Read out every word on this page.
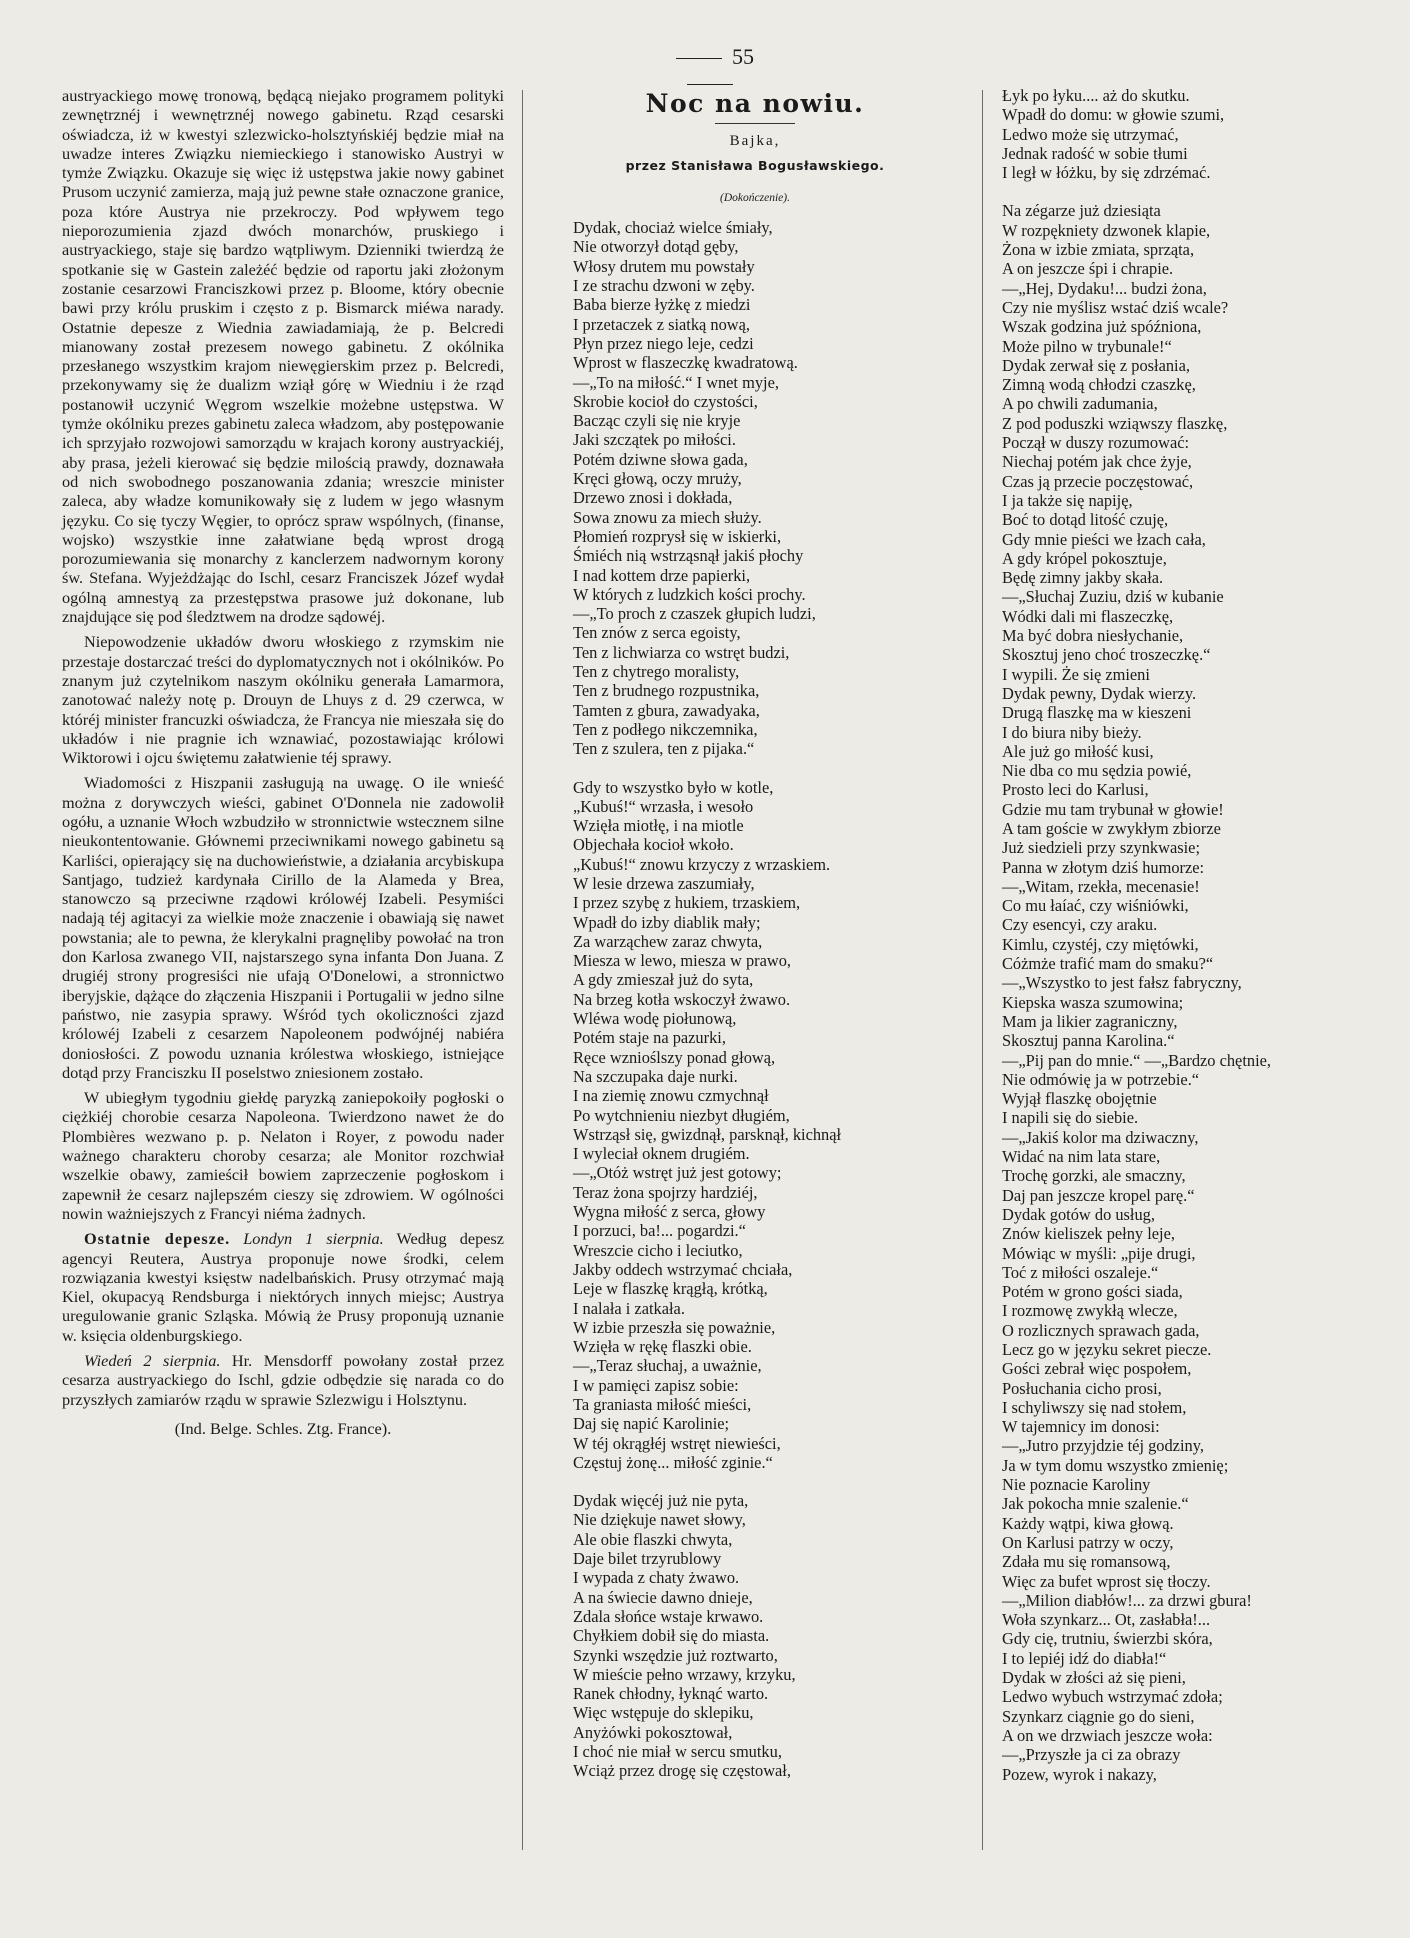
55

austryackiego mowę tronową, będącą niejako programem polityki zewnętrznéj i wewnętrznéj nowego gabinetu. Rząd cesarski oświadcza, iż w kwestyi szlezwicko-holsztyńskiéj będzie miał na uwadze interes Związku niemieckiego i stanowisko Austryi w tymże Związku. Okazuje się więc iż ustępstwa jakie nowy gabinet Prusom uczynić zamierza, mają już pewne stałe oznaczone granice, poza które Austrya nie przekroczy. Pod wpływem tego nieporozumienia zjazd dwóch monarchów, pruskiego i austryackiego, staje się bardzo wątpliwym. Dzienniki twierdzą że spotkanie się w Gastein zależéć będzie od raportu jaki złożonym zostanie cesarzowi Franciszkowi przez p. Bloome, który obecnie bawi przy królu pruskim i często z p. Bismarck miéwa narady. Ostatnie depesze z Wiednia zawiadamiają, że p. Belcredi mianowany został prezesem nowego gabinetu. Z okólnika przesłanego wszystkim krajom niewęgierskim przez p. Belcredi, przekonywamy się że dualizm wziął górę w Wiedniu i że rząd postanowił uczynić Węgrom wszelkie możebne ustępstwa. W tymże okólniku prezes gabinetu zaleca władzom, aby postępowanie ich sprzyjało rozwojowi samorządu w krajach korony austryackiéj, aby prasa, jeżeli kierować się będzie milością prawdy, doznawała od nich swobodnego poszanowania zdania; wreszcie minister zaleca, aby władze komunikowały się z ludem w jego własnym języku. Co się tyczy Węgier, to oprócz spraw wspólnych, (finanse, wojsko) wszystkie inne załatwiane będą wprost drogą porozumiewania się monarchy z kanclerzem nadwornym korony św. Stefana. Wyjeżdżając do Ischl, cesarz Franciszek Józef wydał ogólną amnestyą za przestępstwa prasowe już dokonane, lub znajdujące się pod śledztwem na drodze sądowéj.

Niepowodzenie układów dworu włoskiego z rzymskim nie przestaje dostarczać treści do dyplomatycznych not i okólników. Po znanym już czytelnikom naszym okólniku generała Lamarmora, zanotować należy notę p. Drouyn de Lhuys z d. 29 czerwca, w któréj minister francuzki oświadcza, że Francya nie mieszała się do układów i nie pragnie ich wznawiać, pozostawiając królowi Wiktorowi i ojcu świętemu załatwienie téj sprawy.

Wiadomości z Hiszpanii zasługują na uwagę. O ile wnieść można z dorywczych wieści, gabinet O'Donnela nie zadowolił ogółu, a uznanie Włoch wzbudziło w stronnictwie wstecznem silne nieukontentowanie. Głównemi przeciwnikami nowego gabinetu są Karliści, opierający się na duchowieństwie, a działania arcybiskupa Santjago, tudzież kardynała Cirillo de la Alameda y Brea, stanowczo są przeciwne rządowi królowéj Izabeli. Pesymiści nadają téj agitacyi za wielkie może znaczenie i obawiają się nawet powstania; ale to pewna, że klerykalni pragnęliby powołać na tron don Karlosa zwanego VII, najstarszego syna infanta Don Juana. Z drugiéj strony progresiści nie ufają O'Donelowi, a stronnictwo iberyjskie, dążące do złączenia Hiszpanii i Portugalii w jedno silne państwo, nie zasypia sprawy. Wśród tych okoliczności zjazd królowéj Izabeli z cesarzem Napoleonem podwójnéj nabiéra doniosłości. Z powodu uznania królestwa włoskiego, istniejące dotąd przy Franciszku II poselstwo zniesionem zostało.

W ubiegłym tygodniu giełdę paryzką zaniepokoiły pogłoski o ciężkiéj chorobie cesarza Napoleona. Twierdzono nawet że do Plombières wezwano p. p. Nelaton i Royer, z powodu nader ważnego charakteru choroby cesarza; ale Monitor rozchwiał wszelkie obawy, zamieścił bowiem zaprzeczenie pogłoskom i zapewnił że cesarz najlepszém cieszy się zdrowiem. W ogólności nowin ważniejszych z Francyi niéma żadnych.

Ostatnie depesze. Londyn 1 sierpnia. Według depesz agencyi Reutera, Austrya proponuje nowe środki, celem rozwiązania kwestyi księstw nadelbańskich. Prusy otrzymać mają Kiel, okupacyą Rendsburga i niektórych innych miejsc; Austrya uregulowanie granic Szląska. Mówią że Prusy proponują uznanie w. księcia oldenburgskiego.

Wiedeń 2 sierpnia. Hr. Mensdorff powołany został przez cesarza austryackiego do Ischl, gdzie odbędzie się narada co do przyszłych zamiarów rządu w sprawie Szlezwigu i Holsztynu.

(Ind. Belge. Schles. Ztg. France).

Noc na nowiu.
Bajka,
przez Stanisława Bogusławskiego.
(Dokończenie).
Dydak, chociaż wielce śmiały,
Nie otworzył dotąd gęby,
Włosy drutem mu powstały
I ze strachu dzwoni w zęby.
Baba bierze łyżkę z miedzi
I przetaczek z siatką nową,
Płyn przez niego leje, cedzi
Wprost w flaszeczkę kwadratową.
—„To na miłość.“ I wnet myje,
Skrobie kocioł do czystości,
Bacząc czyli się nie kryje
Jaki szczątek po miłości.
Potém dziwne słowa gada,
Kręci głową, oczy mruży,
Drzewo znosi i dokłada,
Sowa znowu za miech służy.
Płomień rozprysł się w iskierki,
Śmiéch nią wstrząsnął jakiś płochy
I nad kottem drze papierki,
W których z ludzkich kości prochy.
—„To proch z czaszek głupich ludzi,
Ten znów z serca egoisty,
Ten z lichwiarza co wstręt budzi,
Ten z chytrego moralisty,
Ten z brudnego rozpustnika,
Tamten z gbura, zawadyaka,
Ten z podłego nikczemnika,
Ten z szulera, ten z pijaka.“
Gdy to wszystko było w kotle,
„Kubuś!“ wrzasła, i wesoło
Wzięła miotłę, i na miotle
Objechała kocioł wkoło.
„Kubuś!“ znowu krzyczy z wrzaskiem.
W lesie drzewa zaszumiały,
I przez szybę z hukiem, trzaskiem,
Wpadł do izby diablik mały;
Za warząchew zaraz chwyta,
Miesza w lewo, miesza w prawo,
A gdy zmieszał już do syta,
Na brzeg kotła wskoczył żwawo.
Wléwa wodę piołunową,
Potém staje na pazurki,
Ręce wznioślszy ponad głową,
Na szczupaka daje nurki.
I na ziemię znowu czmychnął
Po wytchnieniu niezbyt długiém,
Wstrząsł się, gwizdnął, parsknął, kichnął
I wyleciał oknem drugiém.
—„Otóż wstręt już jest gotowy;
Teraz żona spojrzy hardziéj,
Wygna miłość z serca, głowy
I porzuci, ba!... pogardzi.“
Wreszcie cicho i leciutko,
Jakby oddech wstrzymać chciała,
Leje w flaszkę krągłą, krótką,
I nalała i zatkała.
W izbie przeszła się poważnie,
Wzięła w rękę flaszki obie.
—„Teraz słuchaj, a uważnie,
I w pamięci zapisz sobie:
Ta graniasta miłość mieści,
Daj się napić Karolinie;
W téj okrągłéj wstręt niewieści,
Częstuj żonę... miłość zginie.“
Dydak więcéj już nie pyta,
Nie dziękuje nawet słowy,
Ale obie flaszki chwyta,
Daje bilet trzyrublowy
I wypada z chaty żwawo.
A na świecie dawno dnieje,
Zdala słońce wstaje krwawo.
Chyłkiem dobił się do miasta.
Szynki wszędzie już roztwarto,
W mieście pełno wrzawy, krzyku,
Ranek chłodny, łyknąć warto.
Więc wstępuje do sklepiku,
Anyżówki pokosztował,
I choć nie miał w sercu smutku,
Wciąż przez drogę się częstował,
Łyk po łyku.... aż do skutku.
Wpadł do domu: w głowie szumi,
Ledwo może się utrzymać,
Jednak radość w sobie tłumi
I legł w łóżku, by się zdrzémać.
Na zégarze już dziesiąta
W rozpękniety dzwonek klapie,
Żona w izbie zmiata, sprząta,
A on jeszcze śpi i chrapie.
—„Hej, Dydaku!... budzi żona,
Czy nie myślisz wstać dziś wcale?
Wszak godzina już spóźniona,
Może pilno w trybunale!“
Dydak zerwał się z posłania,
Zimną wodą chłodzi czaszkę,
A po chwili zadumania,
Z pod poduszki wziąwszy flaszkę,
Począł w duszy rozumować:
Niechaj potém jak chce żyje,
Czas ją przecie poczęstować,
I ja także się napiję,
Boć to dotąd litość czuję,
Gdy mnie pieści we łzach cała,
A gdy krópel pokosztuje,
Będę zimny jakby skała.
—„Słuchaj Zuziu, dziś w kubanie
Wódki dali mi flaszeczkę,
Ma być dobra niesłychanie,
Skosztuj jeno choć troszeczkę.“
I wypili. Że się zmieni
Dydak pewny, Dydak wierzy.
Drugą flaszkę ma w kieszeni
I do biura niby bieży.
Ale już go miłość kusi,
Nie dba co mu sędzia powié,
Prosto leci do Karlusi,
Gdzie mu tam trybunał w głowie!
A tam goście w zwykłym zbiorze
Już siedzieli przy szynkwasie;
Panna w złotym dziś humorze:
—„Witam, rzekła, mecenasie!
Co mu łaíać, czy wiśniówki,
Czy esencyi, czy araku.
Kimlu, czystéj, czy miętówki,
Cóżmże trafić mam do smaku?“
—„Wszystko to jest fałsz fabryczny,
Kiepska wasza szumowina;
Mam ja likier zagraniczny,
Skosztuj panna Karolina.“
—„Pij pan do mnie.“ —„Bardzo chętnie,
Nie odmówię ja w potrzebie.“
Wyjął flaszkę obojętnie
I napili się do siebie.
—„Jakiś kolor ma dziwaczny,
Widać na nim lata stare,
Trochę gorzki, ale smaczny,
Daj pan jeszcze kropel parę.“
Dydak gotów do usług,
Znów kieliszek pełny leje,
Mówiąc w myśli: „pije drugi,
Toć z miłości oszaleje.“
Potém w grono gości siada,
I rozmowę zwykłą wlecze,
O rozlicznych sprawach gada,
Lecz go w języku sekret piecze.
Gości zebrał więc pospołem,
Posłuchania cicho prosi,
I schyliwszy się nad stołem,
W tajemnicy im donosi:
—„Jutro przyjdzie téj godziny,
Ja w tym domu wszystko zmienię;
Nie poznacie Karoliny
Jak pokocha mnie szalenie.“
Każdy wątpi, kiwa głową.
On Karlusi patrzy w oczy,
Zdała mu się romansową,
Więc za bufet wprost się tłoczy.
—„Milion diabłów!... za drzwi gbura!
Woła szynkarz... Ot, zasłabła!...
Gdy cię, trutniu, świerzbi skóra,
I to lepiéj idź do diabła!“
Dydak w złości aż się pieni,
Ledwo wybuch wstrzymać zdoła;
Szynkarz ciągnie go do sieni,
A on we drzwiach jeszcze woła:
—„Przyszłe ja ci za obrazy
Pozew, wyrok i nakazy,
